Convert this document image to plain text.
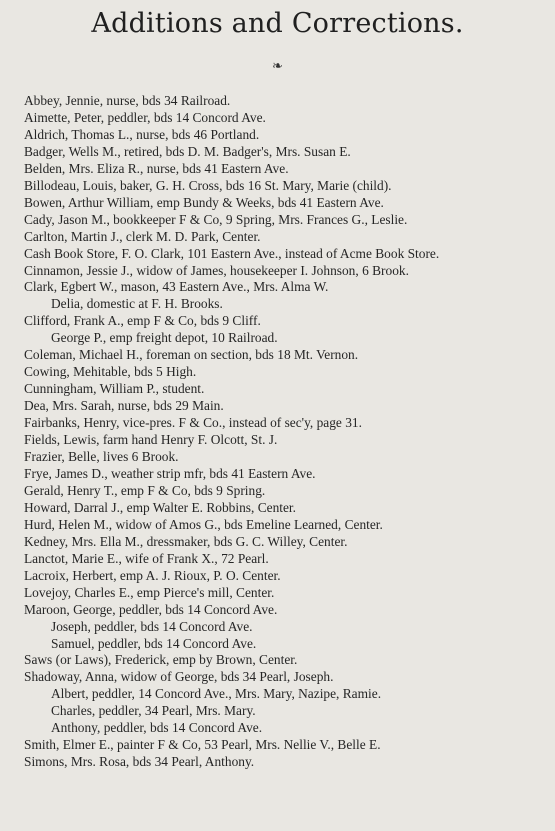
Additions and Corrections.
❧
Abbey, Jennie, nurse, bds 34 Railroad.
Aimette, Peter, peddler, bds 14 Concord Ave.
Aldrich, Thomas L., nurse, bds 46 Portland.
Badger, Wells M., retired, bds D. M. Badger's, Mrs. Susan E.
Belden, Mrs. Eliza R., nurse, bds 41 Eastern Ave.
Billodeau, Louis, baker, G. H. Cross, bds 16 St. Mary, Marie (child).
Bowen, Arthur William, emp Bundy & Weeks, bds 41 Eastern Ave.
Cady, Jason M., bookkeeper F & Co, 9 Spring, Mrs. Frances G., Leslie.
Carlton, Martin J., clerk M. D. Park, Center.
Cash Book Store, F. O. Clark, 101 Eastern Ave., instead of Acme Book Store.
Cinnamon, Jessie J., widow of James, housekeeper I. Johnson, 6 Brook.
Clark, Egbert W., mason, 43 Eastern Ave., Mrs. Alma W.
Delia, domestic at F. H. Brooks.
Clifford, Frank A., emp F & Co, bds 9 Cliff.
George P., emp freight depot, 10 Railroad.
Coleman, Michael H., foreman on section, bds 18 Mt. Vernon.
Cowing, Mehitable, bds 5 High.
Cunningham, William P., student.
Dea, Mrs. Sarah, nurse, bds 29 Main.
Fairbanks, Henry, vice-pres. F & Co., instead of sec'y, page 31.
Fields, Lewis, farm hand Henry F. Olcott, St. J.
Frazier, Belle, lives 6 Brook.
Frye, James D., weather strip mfr, bds 41 Eastern Ave.
Gerald, Henry T., emp F & Co, bds 9 Spring.
Howard, Darral J., emp Walter E. Robbins, Center.
Hurd, Helen M., widow of Amos G., bds Emeline Learned, Center.
Kedney, Mrs. Ella M., dressmaker, bds G. C. Willey, Center.
Lanctot, Marie E., wife of Frank X., 72 Pearl.
Lacroix, Herbert, emp A. J. Rioux, P. O. Center.
Lovejoy, Charles E., emp Pierce's mill, Center.
Maroon, George, peddler, bds 14 Concord Ave.
Joseph, peddler, bds 14 Concord Ave.
Samuel, peddler, bds 14 Concord Ave.
Saws (or Laws), Frederick, emp by Brown, Center.
Shadoway, Anna, widow of George, bds 34 Pearl, Joseph.
Albert, peddler, 14 Concord Ave., Mrs. Mary, Nazipe, Ramie.
Charles, peddler, 34 Pearl, Mrs. Mary.
Anthony, peddler, bds 14 Concord Ave.
Smith, Elmer E., painter F & Co, 53 Pearl, Mrs. Nellie V., Belle E.
Simons, Mrs. Rosa, bds 34 Pearl, Anthony.
